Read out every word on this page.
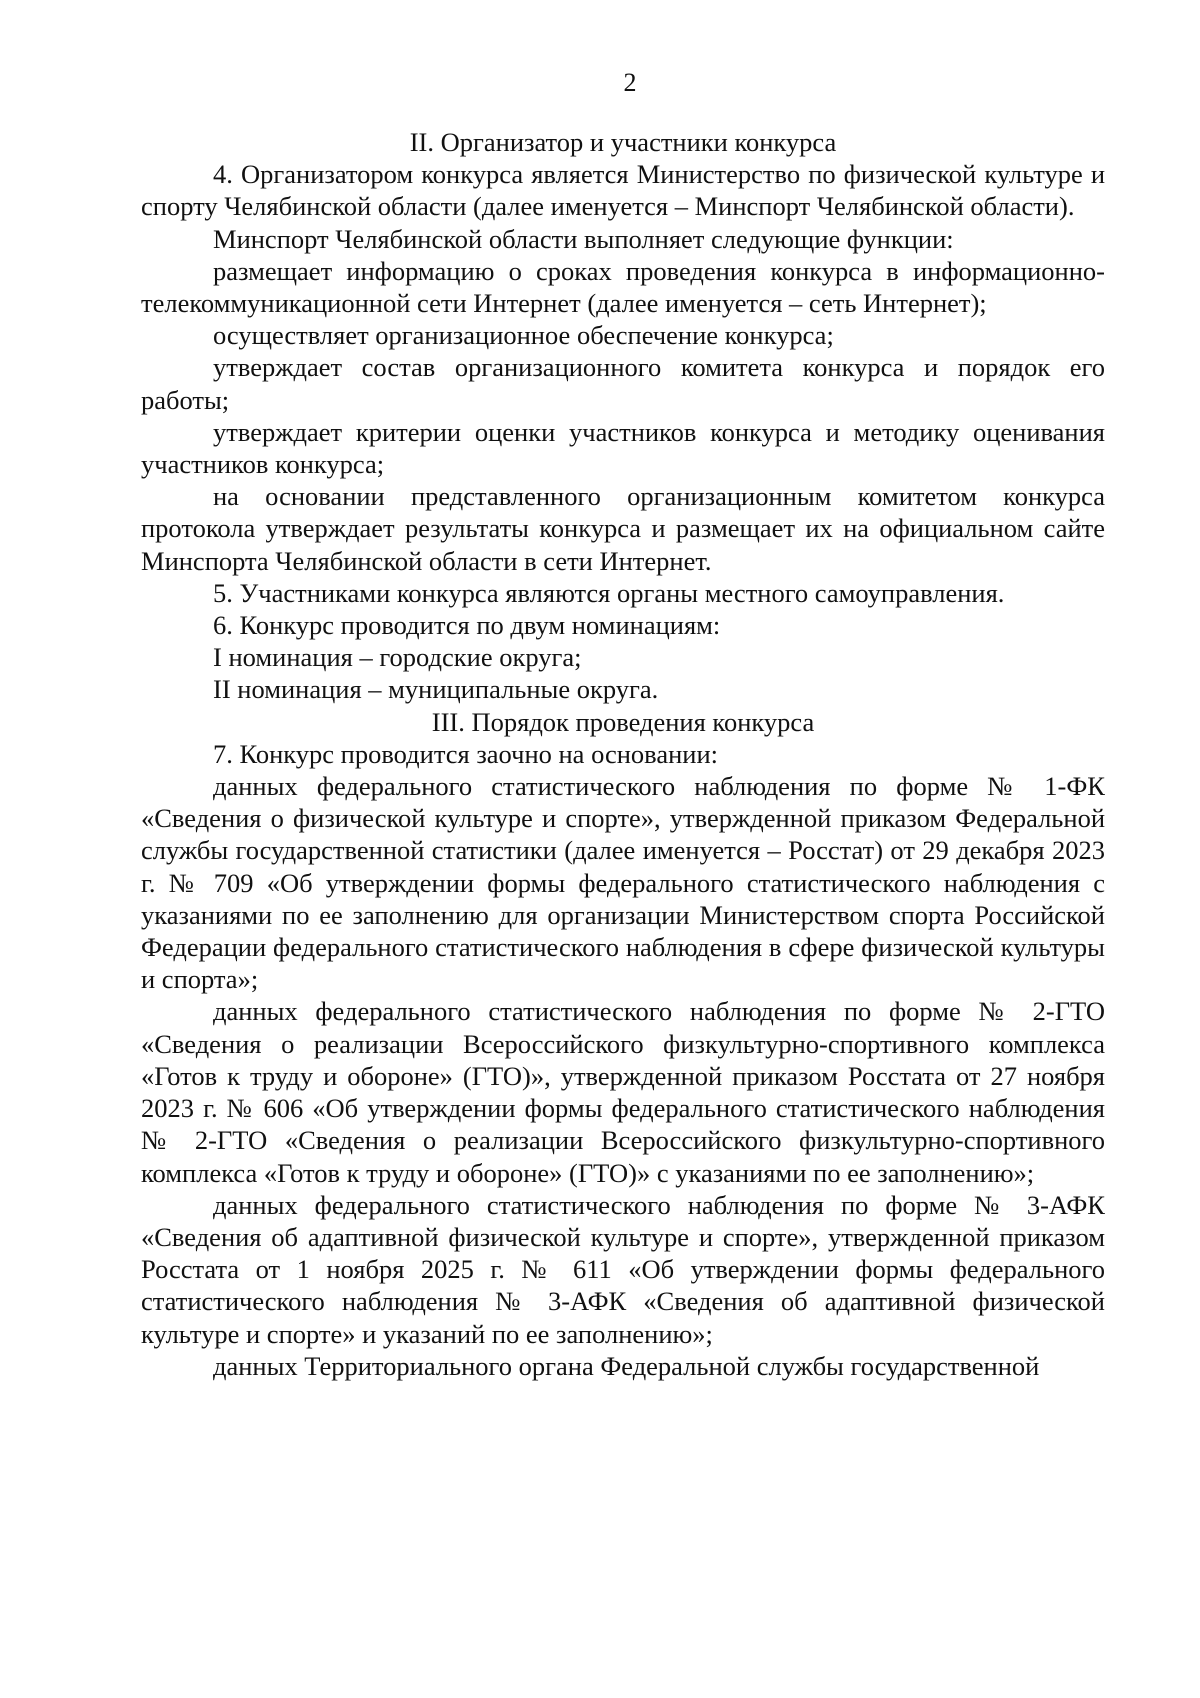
2
II. Организатор и участники конкурса

4. Организатором конкурса является Министерство по физической культуре и спорту Челябинской области (далее именуется – Минспорт Челябинской области).

Минспорт Челябинской области выполняет следующие функции:

размещает информацию о сроках проведения конкурса в информационно-телекоммуникационной сети Интернет (далее именуется – сеть Интернет);

осуществляет организационное обеспечение конкурса;

утверждает состав организационного комитета конкурса и порядок его работы;

утверждает критерии оценки участников конкурса и методику оценивания участников конкурса;

на основании представленного организационным комитетом конкурса протокола утверждает результаты конкурса и размещает их на официальном сайте Минспорта Челябинской области в сети Интернет.

5. Участниками конкурса являются органы местного самоуправления.

6. Конкурс проводится по двум номинациям:

I номинация – городские округа;

II номинация – муниципальные округа.

III. Порядок проведения конкурса

7. Конкурс проводится заочно на основании:

данных федерального статистического наблюдения по форме № 1-ФК «Сведения о физической культуре и спорте», утвержденной приказом Федеральной службы государственной статистики (далее именуется – Росстат) от 29 декабря 2023 г. № 709 «Об утверждении формы федерального статистического наблюдения с указаниями по ее заполнению для организации Министерством спорта Российской Федерации федерального статистического наблюдения в сфере физической культуры и спорта»;

данных федерального статистического наблюдения по форме № 2-ГТО «Сведения о реализации Всероссийского физкультурно-спортивного комплекса «Готов к труду и обороне» (ГТО)», утвержденной приказом Росстата от 27 ноября 2023 г. № 606 «Об утверждении формы федерального статистического наблюдения № 2-ГТО «Сведения о реализации Всероссийского физкультурно-спортивного комплекса «Готов к труду и обороне» (ГТО)» с указаниями по ее заполнению»;

данных федерального статистического наблюдения по форме № 3-АФК «Сведения об адаптивной физической культуре и спорте», утвержденной приказом Росстата от 1 ноября 2025 г. № 611 «Об утверждении формы федерального статистического наблюдения № 3-АФК «Сведения об адаптивной физической культуре и спорте» и указаний по ее заполнению»;

данных Территориального органа Федеральной службы государственной
